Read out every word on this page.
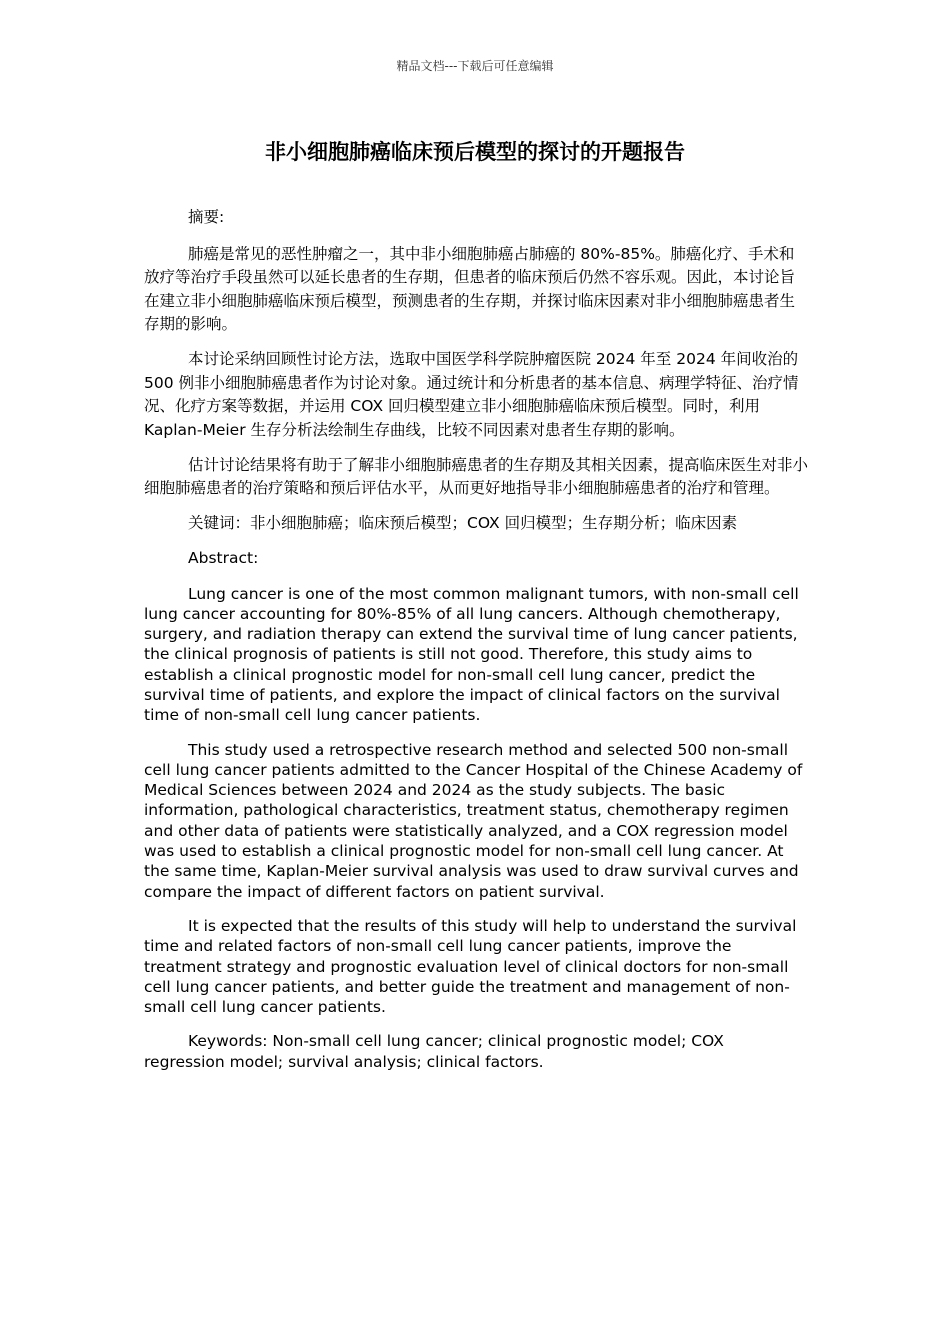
精品文档---下载后可任意编辑
非小细胞肺癌临床预后模型的探讨的开题报告

摘要:

肺癌是常见的恶性肿瘤之一，其中非小细胞肺癌占肺癌的 80%-85%。肺癌化疗、手术和放疗等治疗手段虽然可以延长患者的生存期，但患者的临床预后仍然不容乐观。因此，本讨论旨在建立非小细胞肺癌临床预后模型，预测患者的生存期，并探讨临床因素对非小细胞肺癌患者生存期的影响。

本讨论采纳回顾性讨论方法，选取中国医学科学院肿瘤医院 2024 年至 2024 年间收治的 500 例非小细胞肺癌患者作为讨论对象。通过统计和分析患者的基本信息、病理学特征、治疗情况、化疗方案等数据，并运用 COX 回归模型建立非小细胞肺癌临床预后模型。同时，利用 Kaplan-Meier 生存分析法绘制生存曲线，比较不同因素对患者生存期的影响。

估计讨论结果将有助于了解非小细胞肺癌患者的生存期及其相关因素，提高临床医生对非小细胞肺癌患者的治疗策略和预后评估水平，从而更好地指导非小细胞肺癌患者的治疗和管理。

关键词：非小细胞肺癌；临床预后模型；COX 回归模型；生存期分析；临床因素

Abstract:

Lung cancer is one of the most common malignant tumors, with non-small cell lung cancer accounting for 80%-85% of all lung cancers. Although chemotherapy, surgery, and radiation therapy can extend the survival time of lung cancer patients, the clinical prognosis of patients is still not good. Therefore, this study aims to establish a clinical prognostic model for non-small cell lung cancer, predict the survival time of patients, and explore the impact of clinical factors on the survival time of non-small cell lung cancer patients.

This study used a retrospective research method and selected 500 non-small cell lung cancer patients admitted to the Cancer Hospital of the Chinese Academy of Medical Sciences between 2024 and 2024 as the study subjects. The basic information, pathological characteristics, treatment status, chemotherapy regimen and other data of patients were statistically analyzed, and a COX regression model was used to establish a clinical prognostic model for non-small cell lung cancer. At the same time, Kaplan-Meier survival analysis was used to draw survival curves and compare the impact of different factors on patient survival.

It is expected that the results of this study will help to understand the survival time and related factors of non-small cell lung cancer patients, improve the treatment strategy and prognostic evaluation level of clinical doctors for non-small cell lung cancer patients, and better guide the treatment and management of non-small cell lung cancer patients.

Keywords: Non-small cell lung cancer; clinical prognostic model; COX regression model; survival analysis; clinical factors.
